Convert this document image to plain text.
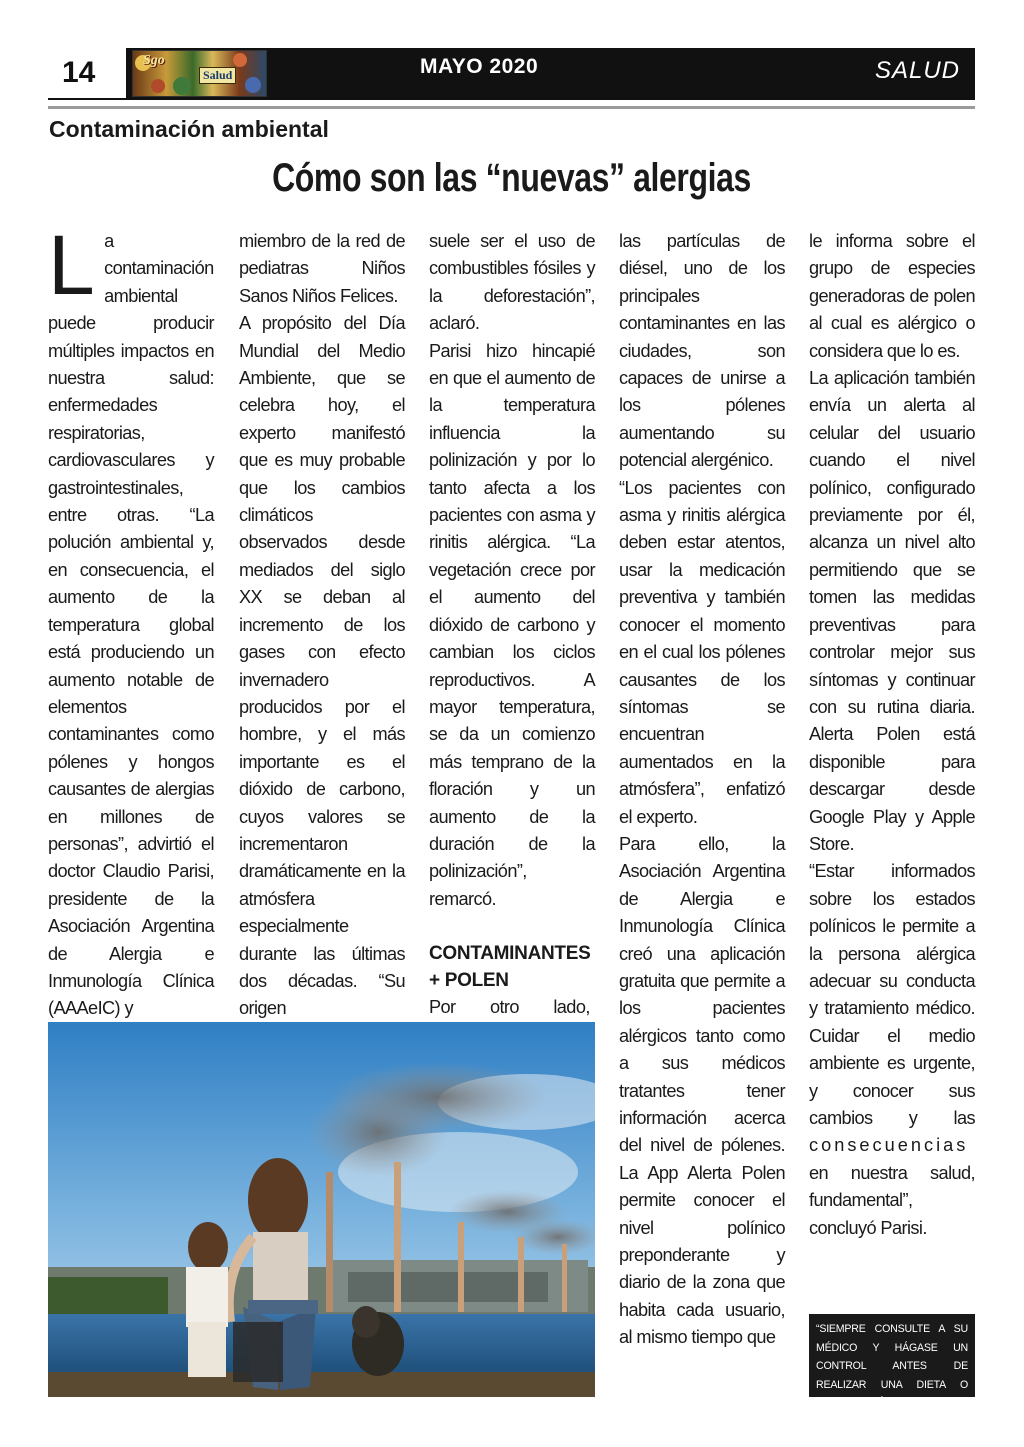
14	Sgo
Salud	MAYO 2020	SALUD
Contaminación ambiental
Cómo son las “nuevas” alergias
L a contaminación ambiental puede producir múltiples impactos en nuestra salud: enfermedades respiratorias, cardiovasculares y gastrointestinales, entre otras. “La polución ambiental y, en consecuencia, el aumento de la temperatura global está produciendo un aumento notable de elementos contaminantes como pólenes y hongos causantes de alergias en millones de personas”, advirtió el doctor Claudio Parisi, presidente de la Asociación Argentina de Alergia e Inmunología Clínica (AAAeIC) y

miembro de la red de pediatras Niños Sanos Niños Felices.

A propósito del Día Mundial del Medio Ambiente, que se celebra hoy, el experto manifestó que es muy probable que los cambios climáticos observados desde mediados del siglo XX se deban al incremento de los gases con efecto invernadero producidos por el hombre, y el más importante es el dióxido de carbono, cuyos valores se incrementaron dramáticamente en la atmósfera especialmente durante las últimas dos décadas. “Su origen

suele ser el uso de combustibles fósiles y la deforestación”, aclaró.

Parisi hizo hincapié en que el aumento de la temperatura influencia la polinización y por lo tanto afecta a los pacientes con asma y rinitis alérgica. “La vegetación crece por el aumento del dióxido de carbono y cambian los ciclos reproductivos. A mayor temperatura, se da un comienzo más temprano de la floración y un aumento de la duración de la polinización”, remarcó.

CONTAMINANTES + POLEN

Por otro lado,

las partículas de diésel, uno de los principales contaminantes en las ciudades, son capaces de unirse a los pólenes aumentando su potencial alergénico.

“Los pacientes con asma y rinitis alérgica deben estar atentos, usar la medicación preventiva y también conocer el momento en el cual los pólenes causantes de los síntomas se encuentran aumentados en la atmósfera”, enfatizó el experto.

Para ello, la Asociación Argentina de Alergia e Inmunología Clínica creó una aplicación gratuita que permite a los pacientes alérgicos tanto como a sus médicos tratantes tener información acerca del nivel de pólenes. La App Alerta Polen permite conocer el nivel polínico preponderante y diario de la zona que habita cada usuario, al mismo tiempo que

le informa sobre el grupo de especies generadoras de polen al cual es alérgico o considera que lo es.

La aplicación también envía un alerta al celular del usuario cuando el nivel polínico, configurado previamente por él, alcanza un nivel alto permitiendo que se tomen las medidas preventivas para controlar mejor sus síntomas y continuar con su rutina diaria. Alerta Polen está disponible para descargar desde Google Play y Apple Store.

“Estar informados sobre los estados polínicos le permite a la persona alérgica adecuar su conducta y tratamiento médico. Cuidar el medio ambiente es urgente, y conocer sus cambios y las consecuencias en nuestra salud, fundamental”, concluyó Parisi.

“SIEMPRE CONSULTE A SU MÉDICO Y HÁGASE UN CONTROL ANTES DE REALIZAR UNA DIETA O ACTIVIDAD FÍSICA”
